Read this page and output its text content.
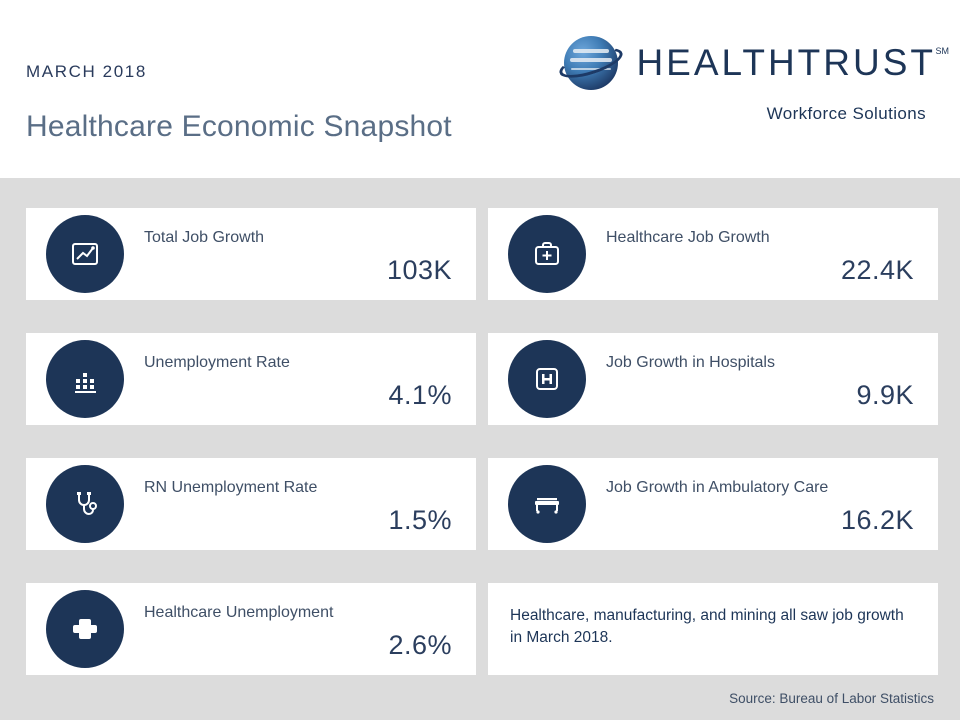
MARCH 2018
Healthcare Economic Snapshot
HEALTHTRUST SM
Workforce Solutions
Total Job Growth
103K
Unemployment Rate
4.1%
RN Unemployment Rate
1.5%
Healthcare Unemployment
2.6%
Healthcare Job Growth
22.4K
Job Growth in Hospitals
9.9K
Job Growth in Ambulatory Care
16.2K
Healthcare, manufacturing, and mining all saw job growth in March 2018.
Source: Bureau of Labor Statistics
